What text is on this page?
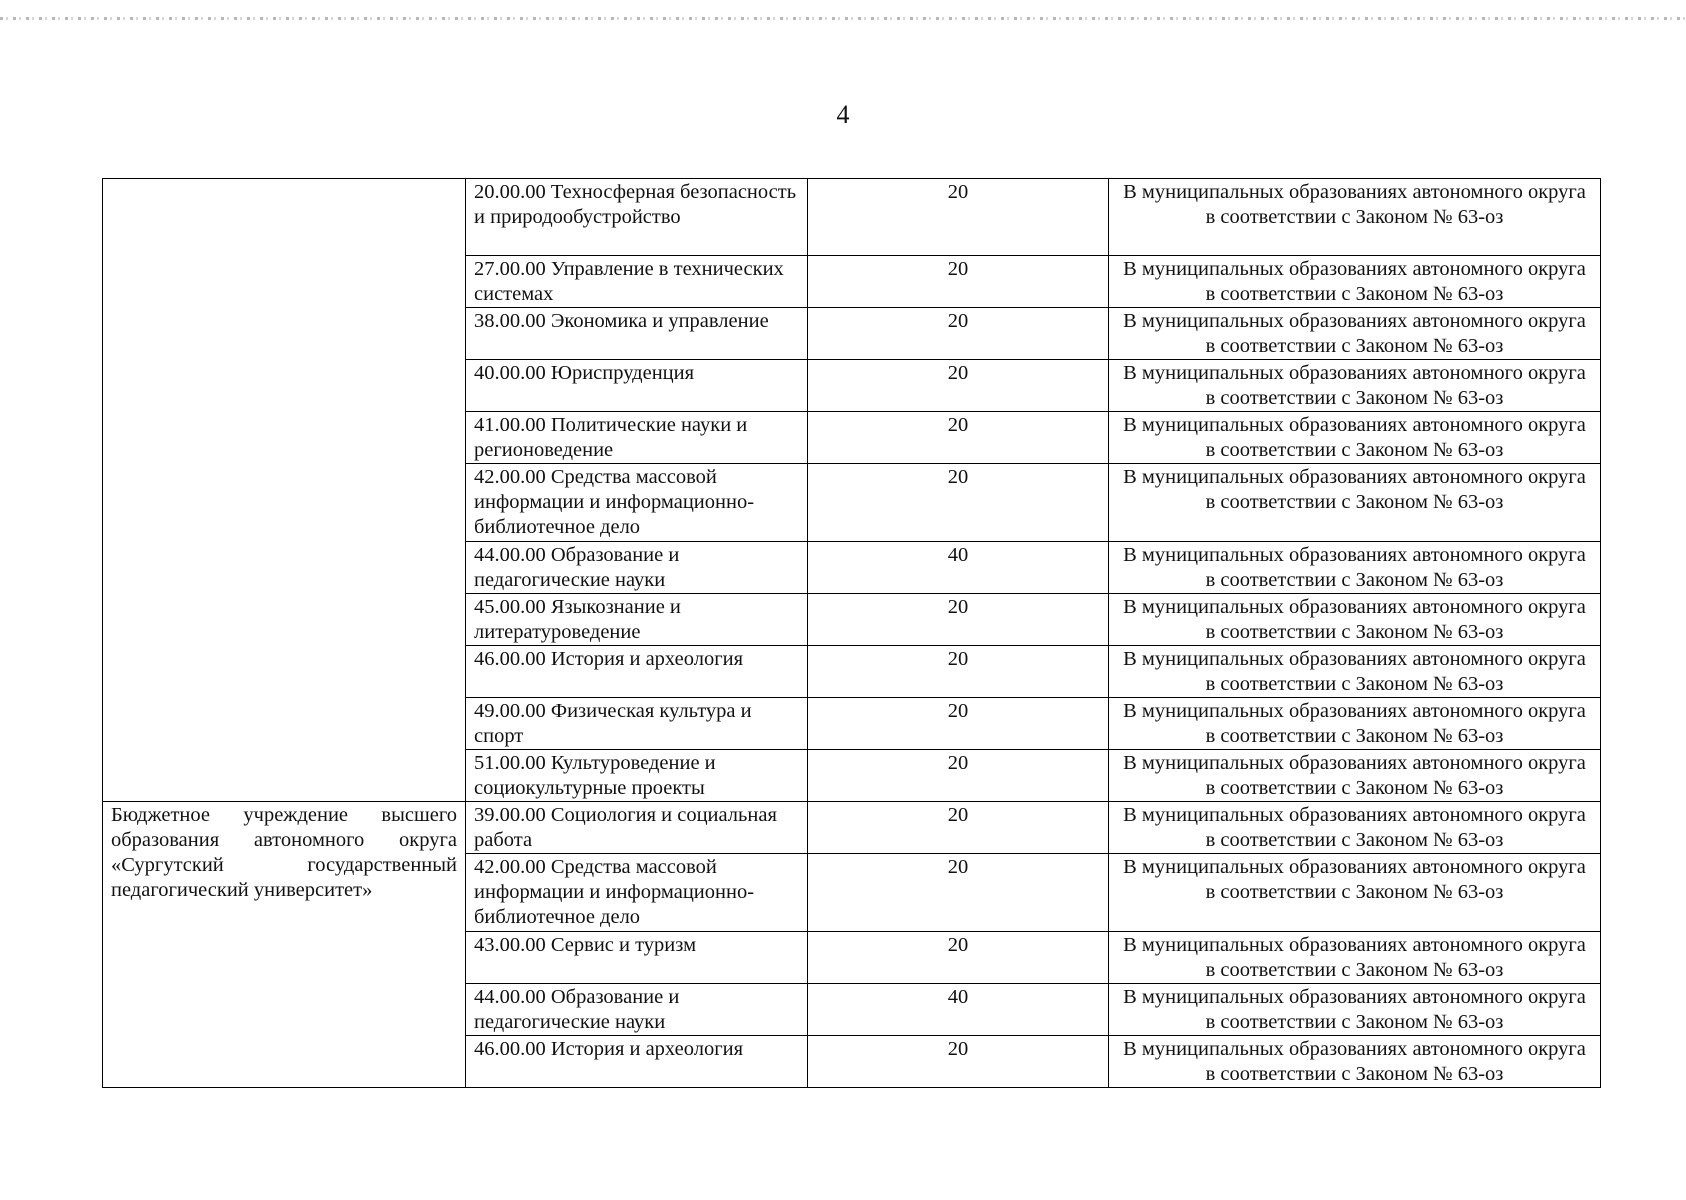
4
	20.00.00 Техносферная безопасность и природообустройство	20	В муниципальных образованиях автономного округа в соответствии с Законом № 63-оз
	27.00.00 Управление в технических системах	20	В муниципальных образованиях автономного округа в соответствии с Законом № 63-оз
	38.00.00 Экономика и управление	20	В муниципальных образованиях автономного округа в соответствии с Законом № 63-оз
	40.00.00 Юриспруденция	20	В муниципальных образованиях автономного округа в соответствии с Законом № 63-оз
	41.00.00 Политические науки и регионоведение	20	В муниципальных образованиях автономного округа в соответствии с Законом № 63-оз
	42.00.00 Средства массовой информации и информационно-библиотечное дело	20	В муниципальных образованиях автономного округа в соответствии с Законом № 63-оз
	44.00.00 Образование и педагогические науки	40	В муниципальных образованиях автономного округа в соответствии с Законом № 63-оз
	45.00.00 Языкознание и литературоведение	20	В муниципальных образованиях автономного округа в соответствии с Законом № 63-оз
	46.00.00 История и археология	20	В муниципальных образованиях автономного округа в соответствии с Законом № 63-оз
	49.00.00 Физическая культура и спорт	20	В муниципальных образованиях автономного округа в соответствии с Законом № 63-оз
	51.00.00 Культуроведение и социокультурные проекты	20	В муниципальных образованиях автономного округа в соответствии с Законом № 63-оз

Бюджетное учреждение высшего
образования автономного округа
«Сургутский государственный
педагогический университет»	39.00.00 Социология и социальная работа	20	В муниципальных образованиях автономного округа в соответствии с Законом № 63-оз
	42.00.00 Средства массовой информации и информационно-библиотечное дело	20	В муниципальных образованиях автономного округа в соответствии с Законом № 63-оз
	43.00.00 Сервис и туризм	20	В муниципальных образованиях автономного округа в соответствии с Законом № 63-оз
	44.00.00 Образование и педагогические науки	40	В муниципальных образованиях автономного округа в соответствии с Законом № 63-оз
	46.00.00 История и археология	20	В муниципальных образованиях автономного округа в соответствии с Законом № 63-оз
